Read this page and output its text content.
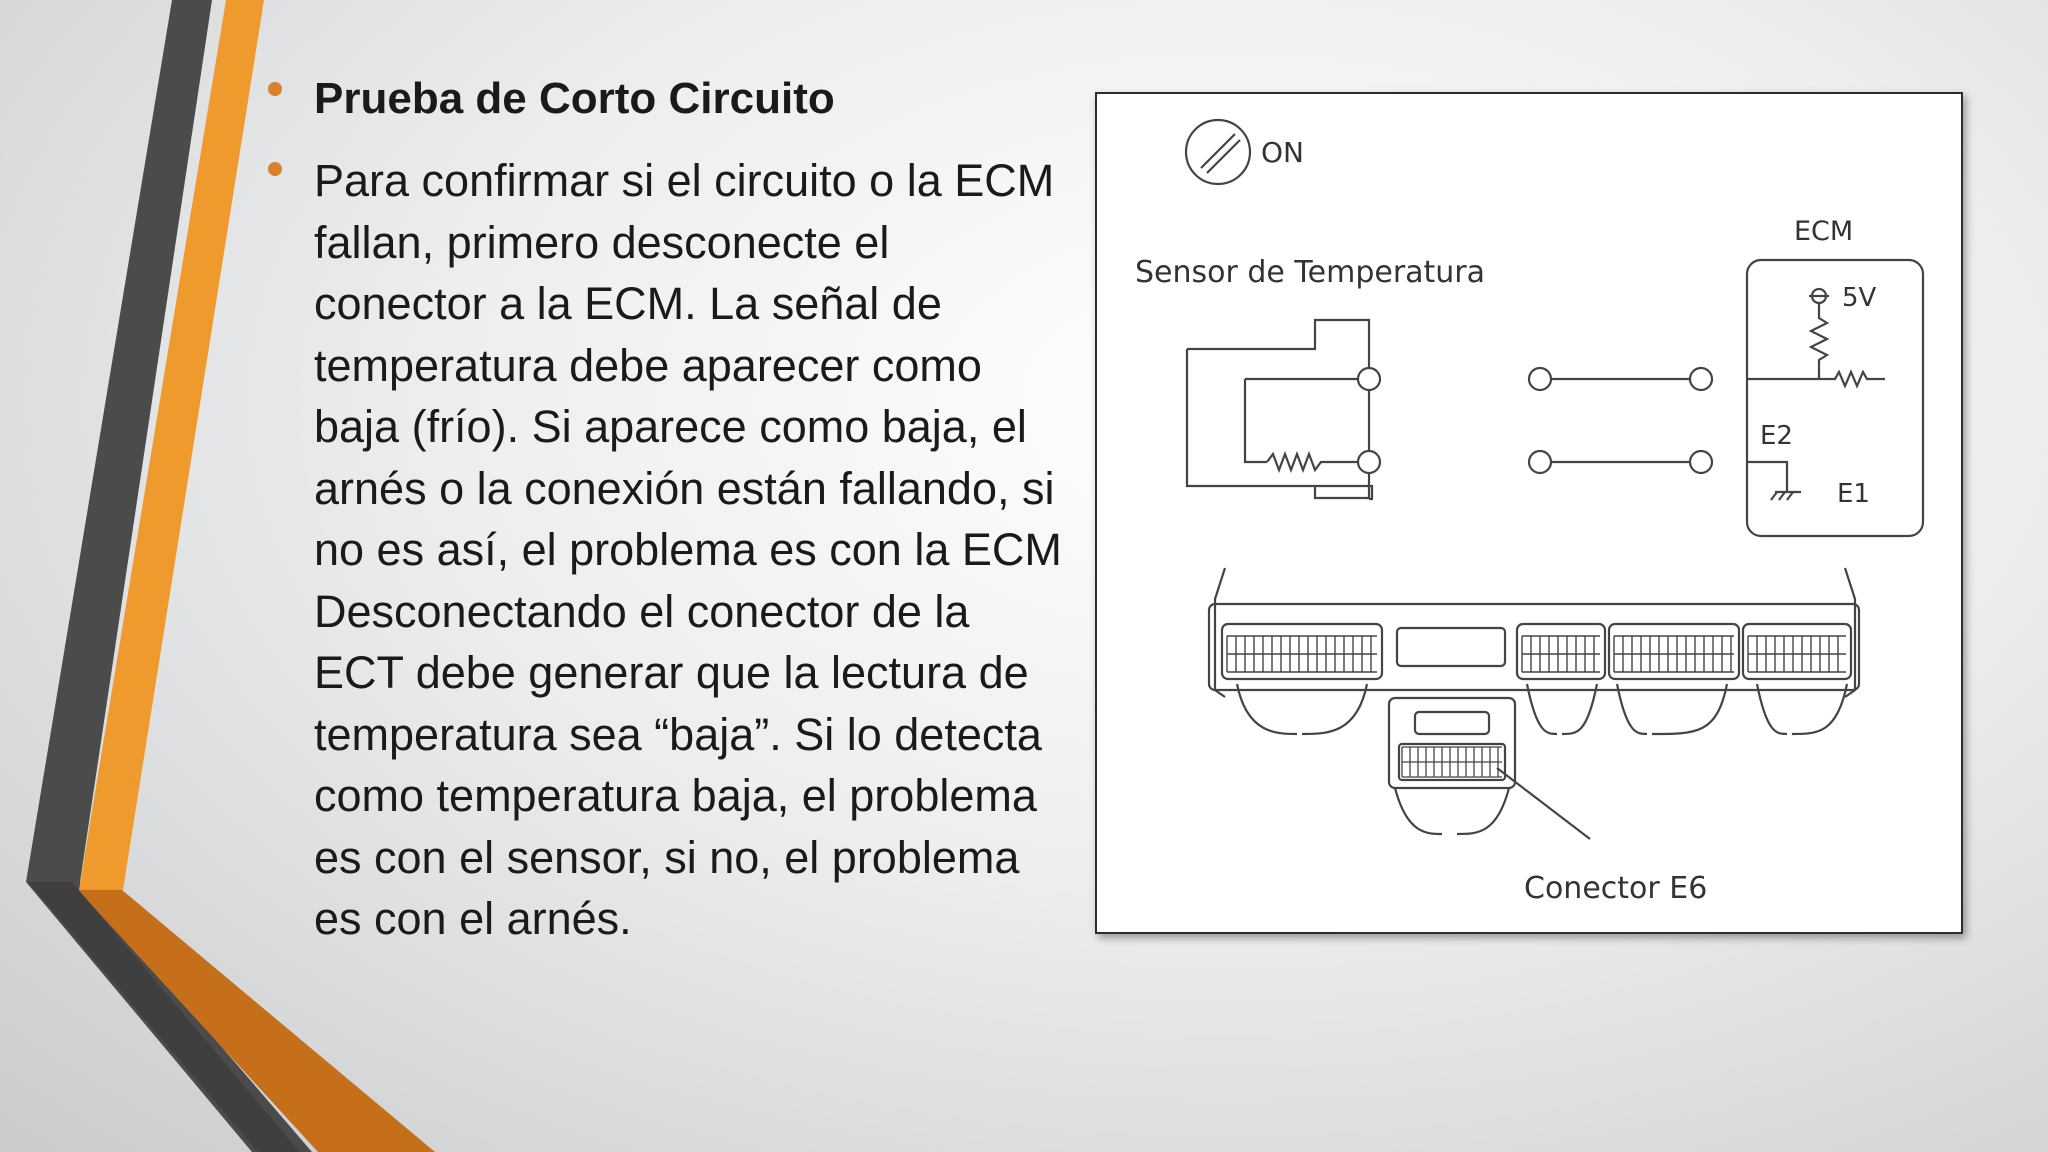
Prueba de Corto Circuito
Para confirmar si el circuito o la ECM fallan, primero desconecte el conector a la ECM. La señal de temperatura debe aparecer como baja (frío). Si aparece como baja, el arnés o la conexión están fallando, si no es así, el problema es con la ECM Desconectando el conector de la ECT debe generar que la lectura de temperatura sea “baja”. Si lo detecta como temperatura baja, el problema es con el sensor, si no, el problema es con el arnés.
ON
Sensor de Temperatura
ECM
5V
E2
E1
Conector E6
